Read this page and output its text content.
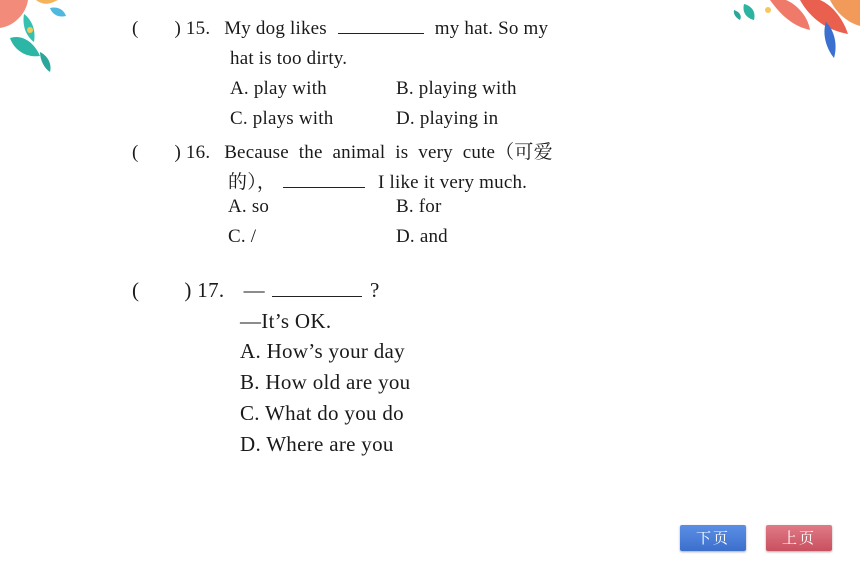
( ) 15. My dog likes	my hat. So my
hat is too dirty.
A. play with	B. playing with
C. plays with	D. playing in
( ) 16. Because  the  animal  is  very  cute（可爱
的），	I like it very much.
A. so	B. for
C. /	D. and
( ) 17. —	?
—It’s OK.
A. How’s your day
B. How old are you
C. What do you do
D. Where are you
下页	上页
